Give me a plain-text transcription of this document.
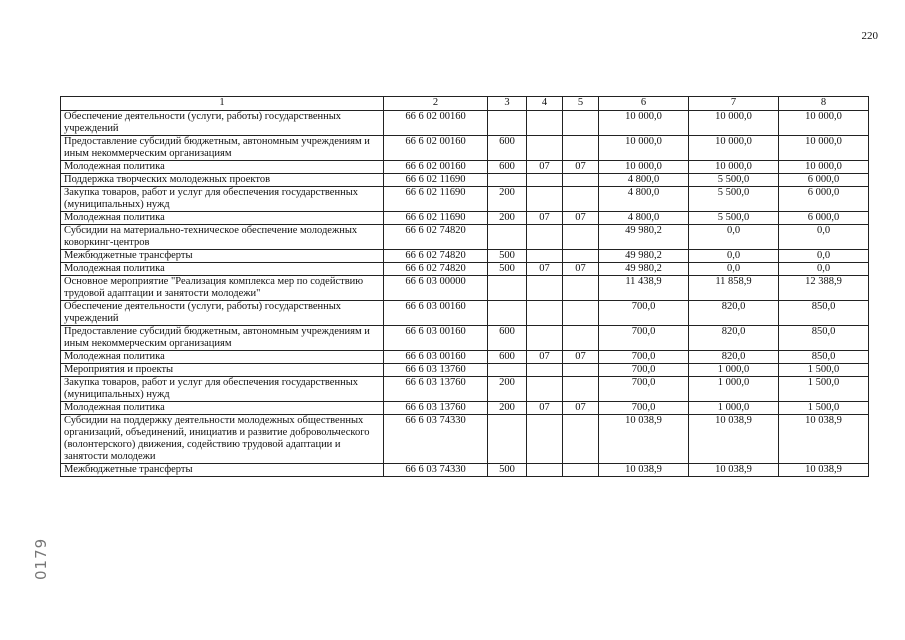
220
0179
1	2	3	4	5	6	7	8
Обеспечение деятельности (услуги, работы) государственных учреждений	66 6 02 00160				10 000,0	10 000,0	10 000,0
Предоставление субсидий бюджетным, автономным учреждениям и иным некоммерческим организациям	66 6 02 00160	600			10 000,0	10 000,0	10 000,0
Молодежная политика	66 6 02 00160	600	07	07	10 000,0	10 000,0	10 000,0
Поддержка творческих молодежных проектов	66 6 02 11690				4 800,0	5 500,0	6 000,0
Закупка товаров, работ и услуг для обеспечения государственных (муниципальных) нужд	66 6 02 11690	200			4 800,0	5 500,0	6 000,0
Молодежная политика	66 6 02 11690	200	07	07	4 800,0	5 500,0	6 000,0
Субсидии на материально-техническое обеспечение молодежных коворкинг-центров	66 6 02 74820				49 980,2	0,0	0,0
Межбюджетные трансферты	66 6 02 74820	500			49 980,2	0,0	0,0
Молодежная политика	66 6 02 74820	500	07	07	49 980,2	0,0	0,0
Основное мероприятие "Реализация комплекса мер по содействию трудовой адаптации и занятости молодежи"	66 6 03 00000				11 438,9	11 858,9	12 388,9
Обеспечение деятельности (услуги, работы) государственных учреждений	66 6 03 00160				700,0	820,0	850,0
Предоставление субсидий бюджетным, автономным учреждениям и иным некоммерческим организациям	66 6 03 00160	600			700,0	820,0	850,0
Молодежная политика	66 6 03 00160	600	07	07	700,0	820,0	850,0
Мероприятия и проекты	66 6 03 13760				700,0	1 000,0	1 500,0
Закупка товаров, работ и услуг для обеспечения государственных (муниципальных) нужд	66 6 03 13760	200			700,0	1 000,0	1 500,0
Молодежная политика	66 6 03 13760	200	07	07	700,0	1 000,0	1 500,0
Субсидии на поддержку деятельности молодежных общественных организаций, объединений, инициатив и развитие добровольческого (волонтерского) движения, содействию трудовой адаптации и занятости молодежи	66 6 03 74330				10 038,9	10 038,9	10 038,9
Межбюджетные трансферты	66 6 03 74330	500			10 038,9	10 038,9	10 038,9
